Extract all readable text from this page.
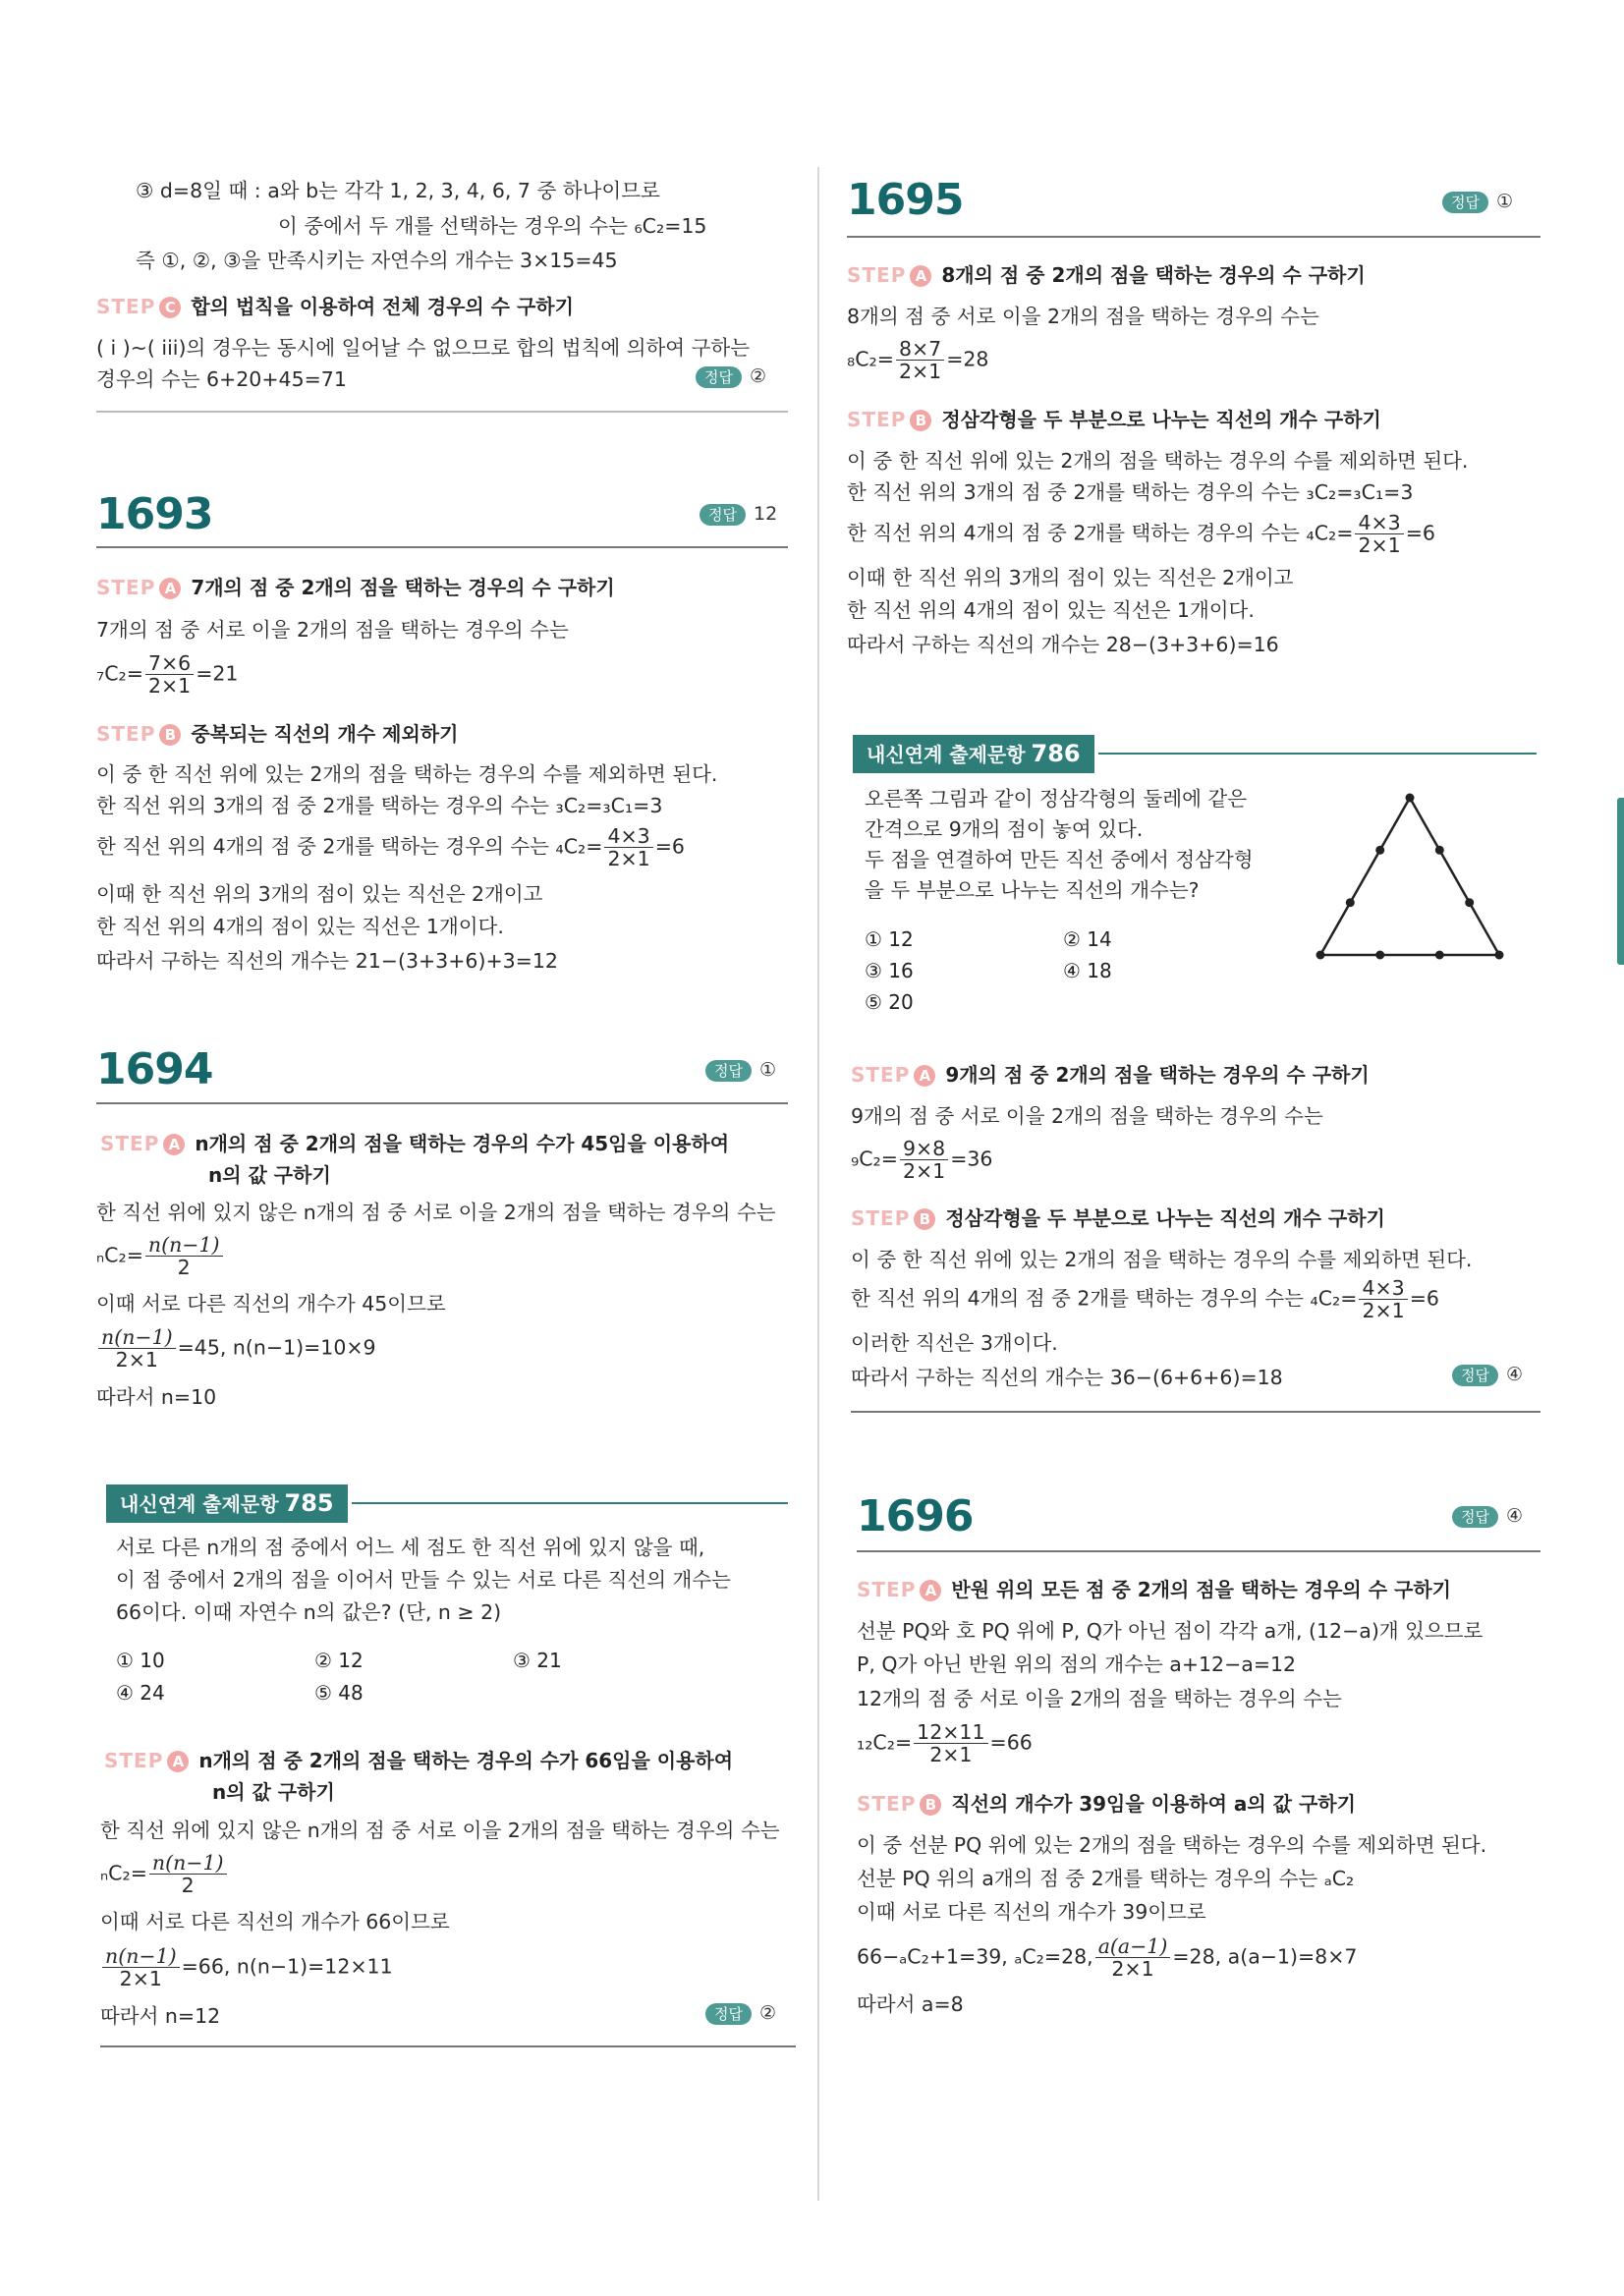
③ d=8일 때 : a와 b는 각각 1, 2, 3, 4, 6, 7 중 하나이므로
이 중에서 두 개를 선택하는 경우의 수는 ₆C₂=15
즉 ①, ②, ③을 만족시키는 자연수의 개수는 3×15=45
STEP C 합의 법칙을 이용하여 전체 경우의 수 구하기
( i )~( iii)의 경우는 동시에 일어날 수 없으므로 합의 법칙에 의하여 구하는
경우의 수는 6+20+45=71	정답 ②
1693	정답 12
STEP A 7개의 점 중 2개의 점을 택하는 경우의 수 구하기
7개의 점 중 서로 이을 2개의 점을 택하는 경우의 수는
$_7C_2= \frac{7\times 6}{2\times 1} =21$
STEP B 중복되는 직선의 개수 제외하기
이 중 한 직선 위에 있는 2개의 점을 택하는 경우의 수를 제외하면 된다.
한 직선 위의 3개의 점 중 2개를 택하는 경우의 수는 ₃C₂=₃C₁=3
한 직선 위의 4개의 점 중 2개를 택하는 경우의 수는 $_4C_2= \frac{4\times 3}{2\times 1} =6$
이때 한 직선 위의 3개의 점이 있는 직선은 2개이고
한 직선 위의 4개의 점이 있는 직선은 1개이다.
따라서 구하는 직선의 개수는 21−(3+3+6)+3=12
1694	정답 ①
STEP A n개의 점 중 2개의 점을 택하는 경우의 수가 45임을 이용하여
n의 값 구하기
한 직선 위에 있지 않은 n개의 점 중 서로 이을 2개의 점을 택하는 경우의 수는
$_nC_2= \frac{n(n-1)}{2}$
이때 서로 다른 직선의 개수가 45이므로
$\frac{n(n-1)}{2\times 1} =45$, n(n−1)=10×9
따라서 n=10
내신연계 출제문항 785
서로 다른 n개의 점 중에서 어느 세 점도 한 직선 위에 있지 않을 때,
이 점 중에서 2개의 점을 이어서 만들 수 있는 서로 다른 직선의 개수는
66이다. 이때 자연수 n의 값은? (단, n ≥ 2)
① 10	② 12	③ 21
④ 24	⑤ 48
STEP A n개의 점 중 2개의 점을 택하는 경우의 수가 66임을 이용하여
n의 값 구하기
한 직선 위에 있지 않은 n개의 점 중 서로 이을 2개의 점을 택하는 경우의 수는
$_nC_2= \frac{n(n-1)}{2}$
이때 서로 다른 직선의 개수가 66이므로
$\frac{n(n-1)}{2\times 1} =66$, n(n−1)=12×11
따라서 n=12	정답 ②
1695	정답 ①
STEP A 8개의 점 중 2개의 점을 택하는 경우의 수 구하기
8개의 점 중 서로 이을 2개의 점을 택하는 경우의 수는
$_8C_2= \frac{8\times 7}{2\times 1} =28$
STEP B 정삼각형을 두 부분으로 나누는 직선의 개수 구하기
이 중 한 직선 위에 있는 2개의 점을 택하는 경우의 수를 제외하면 된다.
한 직선 위의 3개의 점 중 2개를 택하는 경우의 수는 ₃C₂=₃C₁=3
한 직선 위의 4개의 점 중 2개를 택하는 경우의 수는 $_4C_2= \frac{4\times 3}{2\times 1} =6$
이때 한 직선 위의 3개의 점이 있는 직선은 2개이고
한 직선 위의 4개의 점이 있는 직선은 1개이다.
따라서 구하는 직선의 개수는 28−(3+3+6)=16
내신연계 출제문항 786
오른쪽 그림과 같이 정삼각형의 둘레에 같은
간격으로 9개의 점이 놓여 있다.
두 점을 연결하여 만든 직선 중에서 정삼각형
을 두 부분으로 나누는 직선의 개수는?
① 12	② 14
③ 16	④ 18
⑤ 20
STEP A 9개의 점 중 2개의 점을 택하는 경우의 수 구하기
9개의 점 중 서로 이을 2개의 점을 택하는 경우의 수는
$_9C_2= \frac{9\times 8}{2\times 1} =36$
STEP B 정삼각형을 두 부분으로 나누는 직선의 개수 구하기
이 중 한 직선 위에 있는 2개의 점을 택하는 경우의 수를 제외하면 된다.
한 직선 위의 4개의 점 중 2개를 택하는 경우의 수는 $_4C_2= \frac{4\times 3}{2\times 1} =6$
이러한 직선은 3개이다.
따라서 구하는 직선의 개수는 36−(6+6+6)=18	정답 ④
1696	정답 ④
STEP A 반원 위의 모든 점 중 2개의 점을 택하는 경우의 수 구하기
선분 PQ와 호 PQ 위에 P, Q가 아닌 점이 각각 a개, (12−a)개 있으므로
P, Q가 아닌 반원 위의 점의 개수는 a+12−a=12
12개의 점 중 서로 이을 2개의 점을 택하는 경우의 수는
$_{12}C_2= \frac{12\times 11}{2\times 1} =66$
STEP B 직선의 개수가 39임을 이용하여 a의 값 구하기
이 중 선분 PQ 위에 있는 2개의 점을 택하는 경우의 수를 제외하면 된다.
선분 PQ 위의 a개의 점 중 2개를 택하는 경우의 수는 ₐC₂
이때 서로 다른 직선의 개수가 39이므로
66−ₐC₂+1=39, ₐC₂=28, $\frac{a(a-1)}{2\times 1} =28$, a(a−1)=8×7
따라서 a=8
